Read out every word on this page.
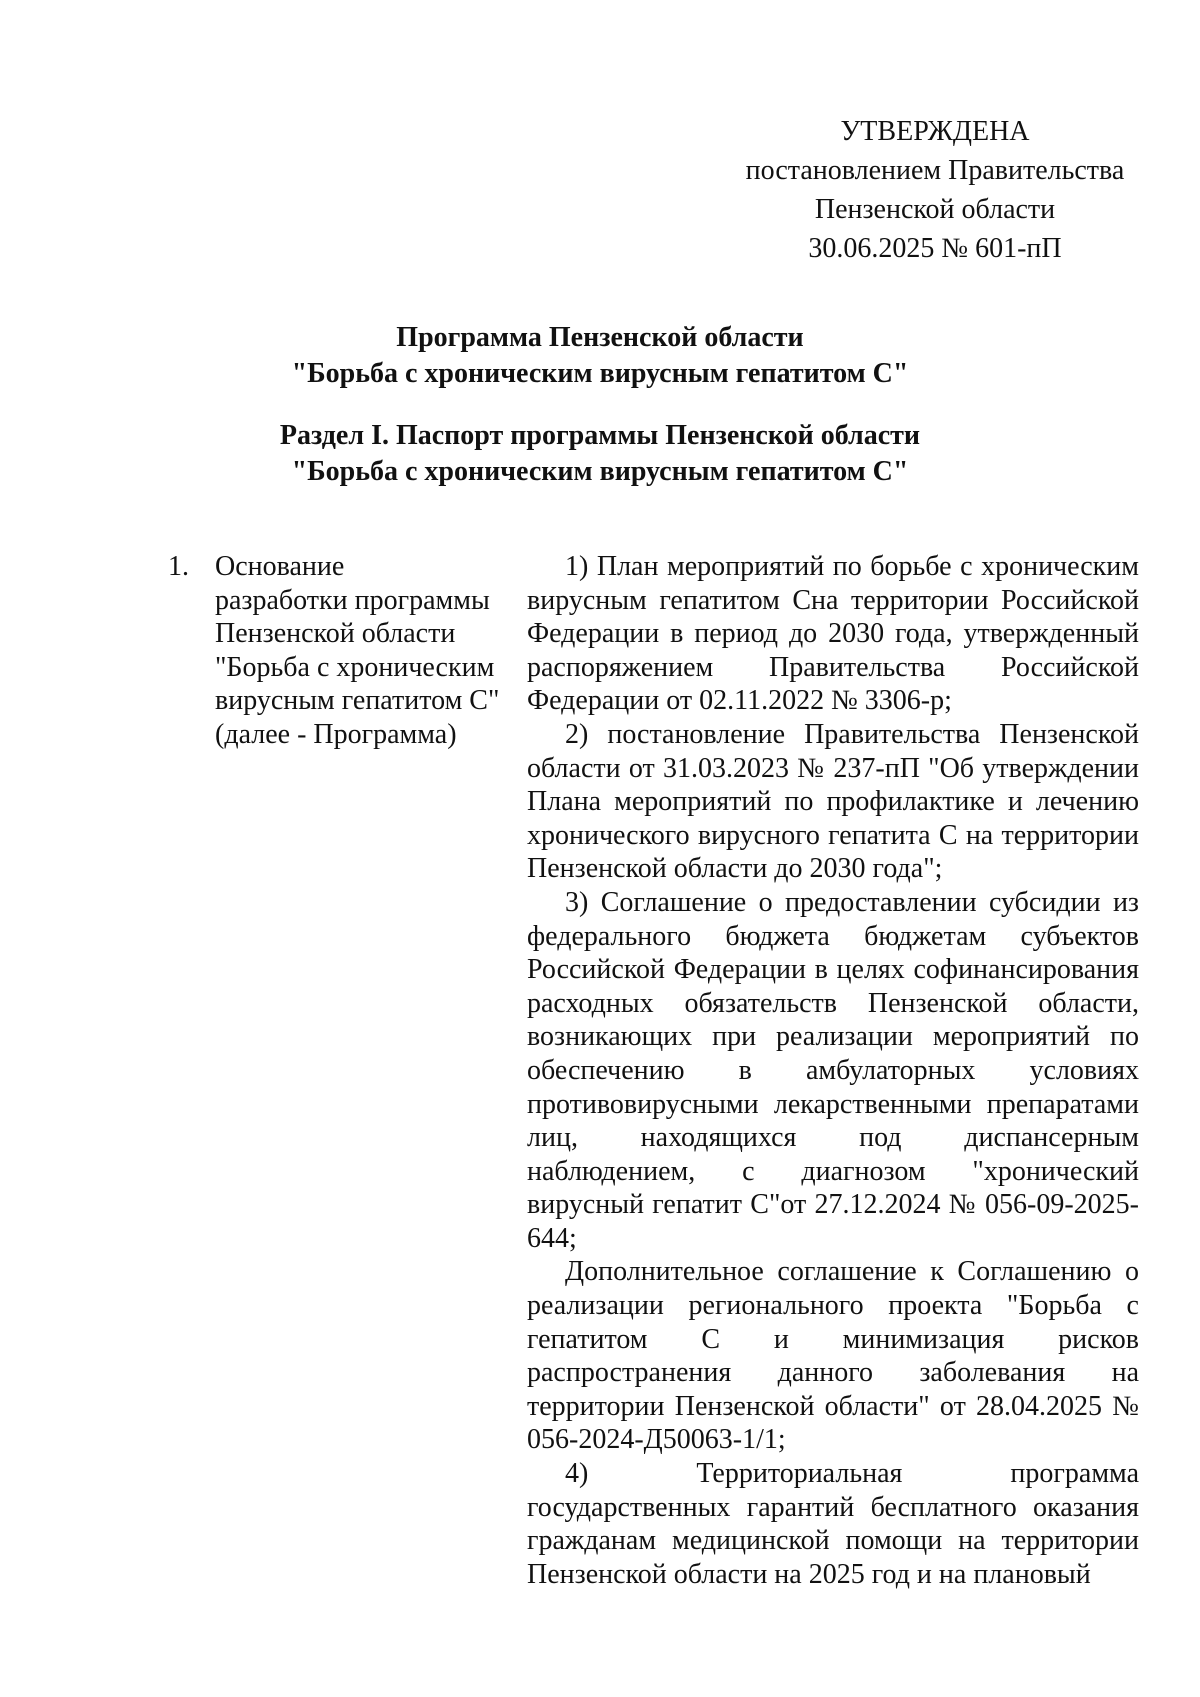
УТВЕРЖДЕНА
постановлением Правительства
Пензенской области
30.06.2025 № 601-пП
Программа Пензенской области
"Борьба с хроническим вирусным гепатитом С"
Раздел I. Паспорт программы Пензенской области
"Борьба с хроническим вирусным гепатитом С"
1. Основание
разработки программы
Пензенской области
"Борьба с хроническим
вирусным гепатитом С"
(далее - Программа)

1) План мероприятий по борьбе с хроническим вирусным гепатитом Сна территории Российской Федерации в период до 2030 года, утвержденный распоряжением Правительства Российской Федерации от 02.11.2022 № 3306-р;

2) постановление Правительства Пензенской области от 31.03.2023 № 237-пП "Об утверждении Плана мероприятий по профилактике и лечению хронического вирусного гепатита С на территории Пензенской области до 2030 года";

3) Соглашение о предоставлении субсидии из федерального бюджета бюджетам субъектов Российской Федерации в целях софинансирования расходных обязательств Пензенской области, возникающих при реализации мероприятий по обеспечению в амбулаторных условиях противовирусными лекарственными препаратами лиц, находящихся под диспансерным наблюдением, с диагнозом "хронический вирусный гепатит С"от 27.12.2024 № 056-09-2025-644;

Дополнительное соглашение к Соглашению о реализации регионального проекта "Борьба с гепатитом С и минимизация рисков распространения данного заболевания на территории Пензенской области" от 28.04.2025 № 056-2024-Д50063-1/1;

4) Территориальная программа государственных гарантий бесплатного оказания гражданам медицинской помощи на территории Пензенской области на 2025 год и на плановый
